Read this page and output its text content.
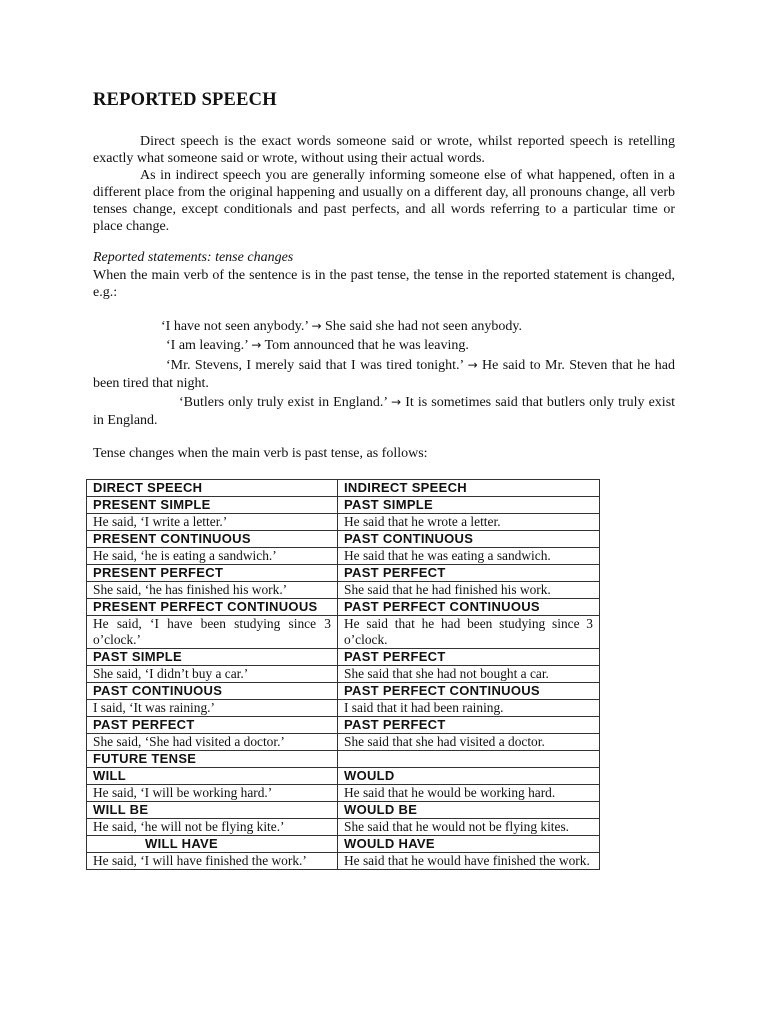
REPORTED SPEECH

Direct speech is the exact words someone said or wrote, whilst reported speech is retelling exactly what someone said or wrote, without using their actual words.

As in indirect speech you are generally informing someone else of what happened, often in a different place from the original happening and usually on a different day, all pronouns change, all verb tenses change, except conditionals and past perfects, and all words referring to a particular time or place change.

Reported statements: tense changes

When the main verb of the sentence is in the past tense, the tense in the reported statement is changed, e.g.:

‘I have not seen anybody.’ → She said she had not seen anybody.

‘I am leaving.’ → Tom announced that he was leaving.

‘Mr. Stevens, I merely said that I was tired tonight.’ → He said to Mr. Steven that he had been tired that night.

‘Butlers only truly exist in England.’ → It is sometimes said that butlers only truly exist in England.

Tense changes when the main verb is past tense, as follows:

DIRECT SPEECH	INDIRECT SPEECH
PRESENT SIMPLE	PAST SIMPLE
He said, ‘I write a letter.’	He said that he wrote a letter.
PRESENT CONTINUOUS	PAST CONTINUOUS
He said, ‘he is eating a sandwich.’	He said that he was eating a sandwich.
PRESENT PERFECT	PAST PERFECT
She said, ‘he has finished his work.’	She said that he had finished his work.
PRESENT PERFECT CONTINUOUS	PAST PERFECT CONTINUOUS
He said, ‘I have been studying since 3 o’clock.’	He said that he had been studying since 3 o’clock.
PAST SIMPLE	PAST PERFECT
She said, ‘I didn’t buy a car.’	She said that she had not bought a car.
PAST CONTINUOUS	PAST PERFECT CONTINUOUS
I said, ‘It was raining.’	I said that it had been raining.
PAST PERFECT	PAST PERFECT
She said, ‘She had visited a doctor.’	She said that she had visited a doctor.
FUTURE TENSE	
WILL	WOULD
He said, ‘I will be working hard.’	He said that he would be working hard.
WILL BE	WOULD BE
He said, ‘he will not be flying kite.’	She said that he would not be flying kites.
WILL HAVE	WOULD HAVE
He said, ‘I will have finished the work.’	He said that he would have finished the work.
